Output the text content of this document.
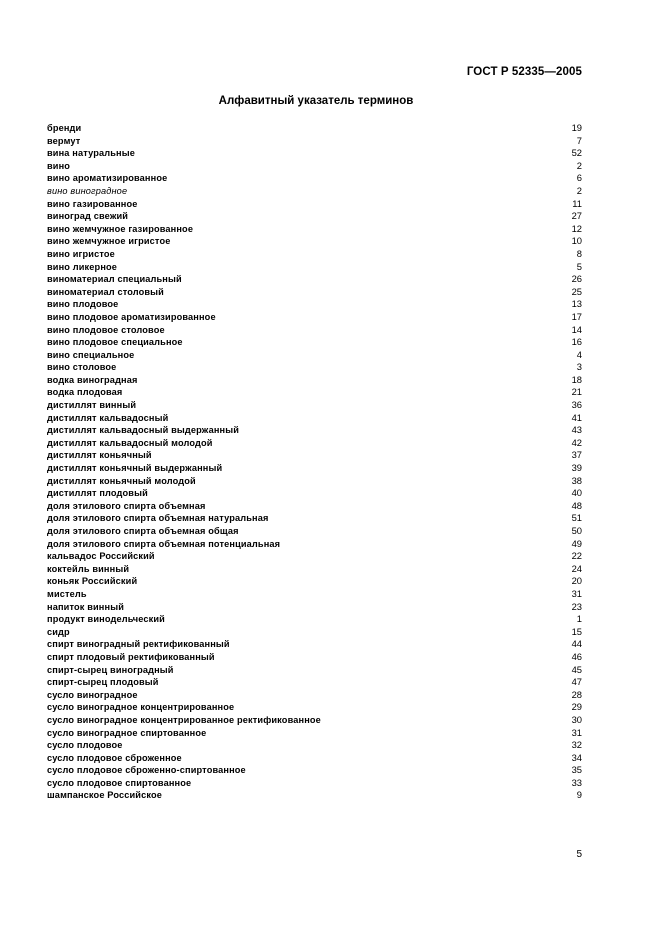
ГОСТ Р 52335—2005
Алфавитный указатель терминов
бренди	19
вермут	7
вина натуральные	52
вино	2
вино ароматизированное	6
вино виноградное	2
вино газированное	11
виноград свежий	27
вино жемчужное газированное	12
вино жемчужное игристое	10
вино игристое	8
вино ликерное	5
виноматериал специальный	26
виноматериал столовый	25
вино плодовое	13
вино плодовое ароматизированное	17
вино плодовое столовое	14
вино плодовое специальное	16
вино специальное	4
вино столовое	3
водка виноградная	18
водка плодовая	21
дистиллят винный	36
дистиллят кальвадосный	41
дистиллят кальвадосный выдержанный	43
дистиллят кальвадосный молодой	42
дистиллят коньячный	37
дистиллят коньячный выдержанный	39
дистиллят коньячный молодой	38
дистиллят плодовый	40
доля этилового спирта объемная	48
доля этилового спирта объемная натуральная	51
доля этилового спирта объемная общая	50
доля этилового спирта объемная потенциальная	49
кальвадос Российский	22
коктейль винный	24
коньяк Российский	20
мистель	31
напиток винный	23
продукт винодельческий	1
сидр	15
спирт виноградный ректификованный	44
спирт плодовый ректификованный	46
спирт-сырец виноградный	45
спирт-сырец плодовый	47
сусло виноградное	28
сусло виноградное концентрированное	29
сусло виноградное концентрированное ректификованное	30
сусло виноградное спиртованное	31
сусло плодовое	32
сусло плодовое сброженное	34
сусло плодовое сброженно-спиртованное	35
сусло плодовое спиртованное	33
шампанское Российское	9
5
